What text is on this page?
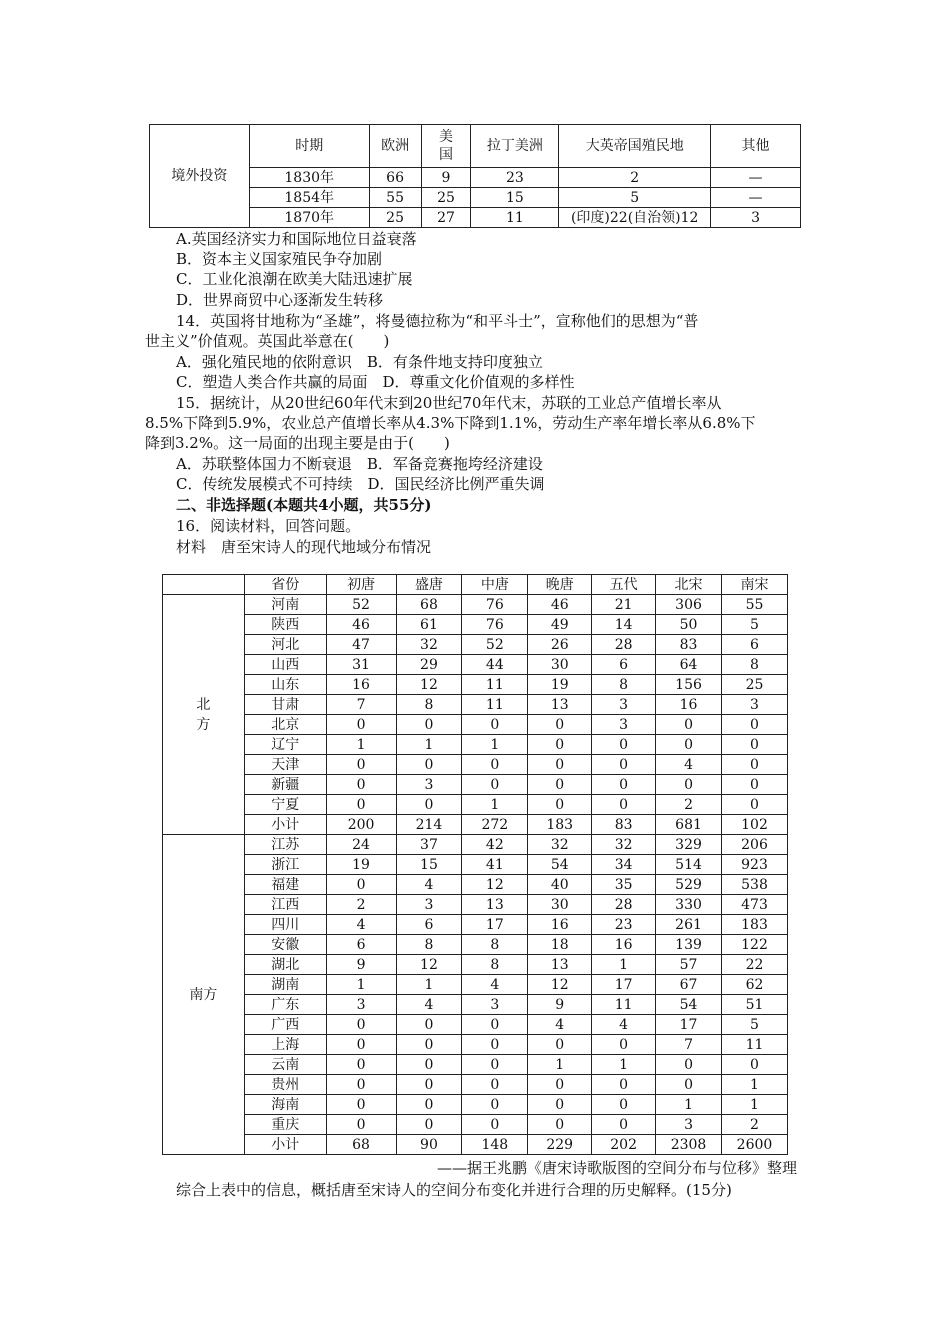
境外投资	时期	欧洲	美国	拉丁美洲	大英帝国殖民地	其他
	1830年	66	9	23	2	—
	1854年	55	25	15	5	—
	1870年	25	27	11	(印度)22(自治领)12	3
A.英国经济实力和国际地位日益衰落
B．资本主义国家殖民争夺加剧
C．工业化浪潮在欧美大陆迅速扩展
D．世界商贸中心逐渐发生转移
14．英国将甘地称为“圣雄”，将曼德拉称为“和平斗士”，宣称他们的思想为“普
世主义”价值观。英国此举意在(　　)
A．强化殖民地的依附意识　B．有条件地支持印度独立
C．塑造人类合作共赢的局面　D．尊重文化价值观的多样性
15．据统计，从20世纪60年代末到20世纪70年代末，苏联的工业总产值增长率从
8.5%下降到5.9%，农业总产值增长率从4.3%下降到1.1%，劳动生产率年增长率从6.8%下
降到3.2%。这一局面的出现主要是由于(　　)
A．苏联整体国力不断衰退　B．军备竞赛拖垮经济建设
C．传统发展模式不可持续　D．国民经济比例严重失调
二、非选择题(本题共4小题，共55分)
16．阅读材料，回答问题。
材料　唐至宋诗人的现代地域分布情况
	省份	初唐	盛唐	中唐	晚唐	五代	北宋	南宋

北
方	河南	52	68	76	46	21	306	55
	陕西	46	61	76	49	14	50	5
	河北	47	32	52	26	28	83	6
	山西	31	29	44	30	6	64	8
	山东	16	12	11	19	8	156	25
	甘肃	7	8	11	13	3	16	3
	北京	0	0	0	0	3	0	0
	辽宁	1	1	1	0	0	0	0
	天津	0	0	0	0	0	4	0
	新疆	0	3	0	0	0	0	0
	宁夏	0	0	1	0	0	2	0
	小计	200	214	272	183	83	681	102
南方	江苏	24	37	42	32	32	329	206
	浙江	19	15	41	54	34	514	923
	福建	0	4	12	40	35	529	538
	江西	2	3	13	30	28	330	473
	四川	4	6	17	16	23	261	183
	安徽	6	8	8	18	16	139	122
	湖北	9	12	8	13	1	57	22
	湖南	1	1	4	12	17	67	62
	广东	3	4	3	9	11	54	51
	广西	0	0	0	4	4	17	5
	上海	0	0	0	0	0	7	11
	云南	0	0	0	1	1	0	0
	贵州	0	0	0	0	0	0	1
	海南	0	0	0	0	0	1	1
	重庆	0	0	0	0	0	3	2
	小计	68	90	148	229	202	2308	2600
——据王兆鹏《唐宋诗歌版图的空间分布与位移》整理
综合上表中的信息，概括唐至宋诗人的空间分布变化并进行合理的历史解释。(15分)
